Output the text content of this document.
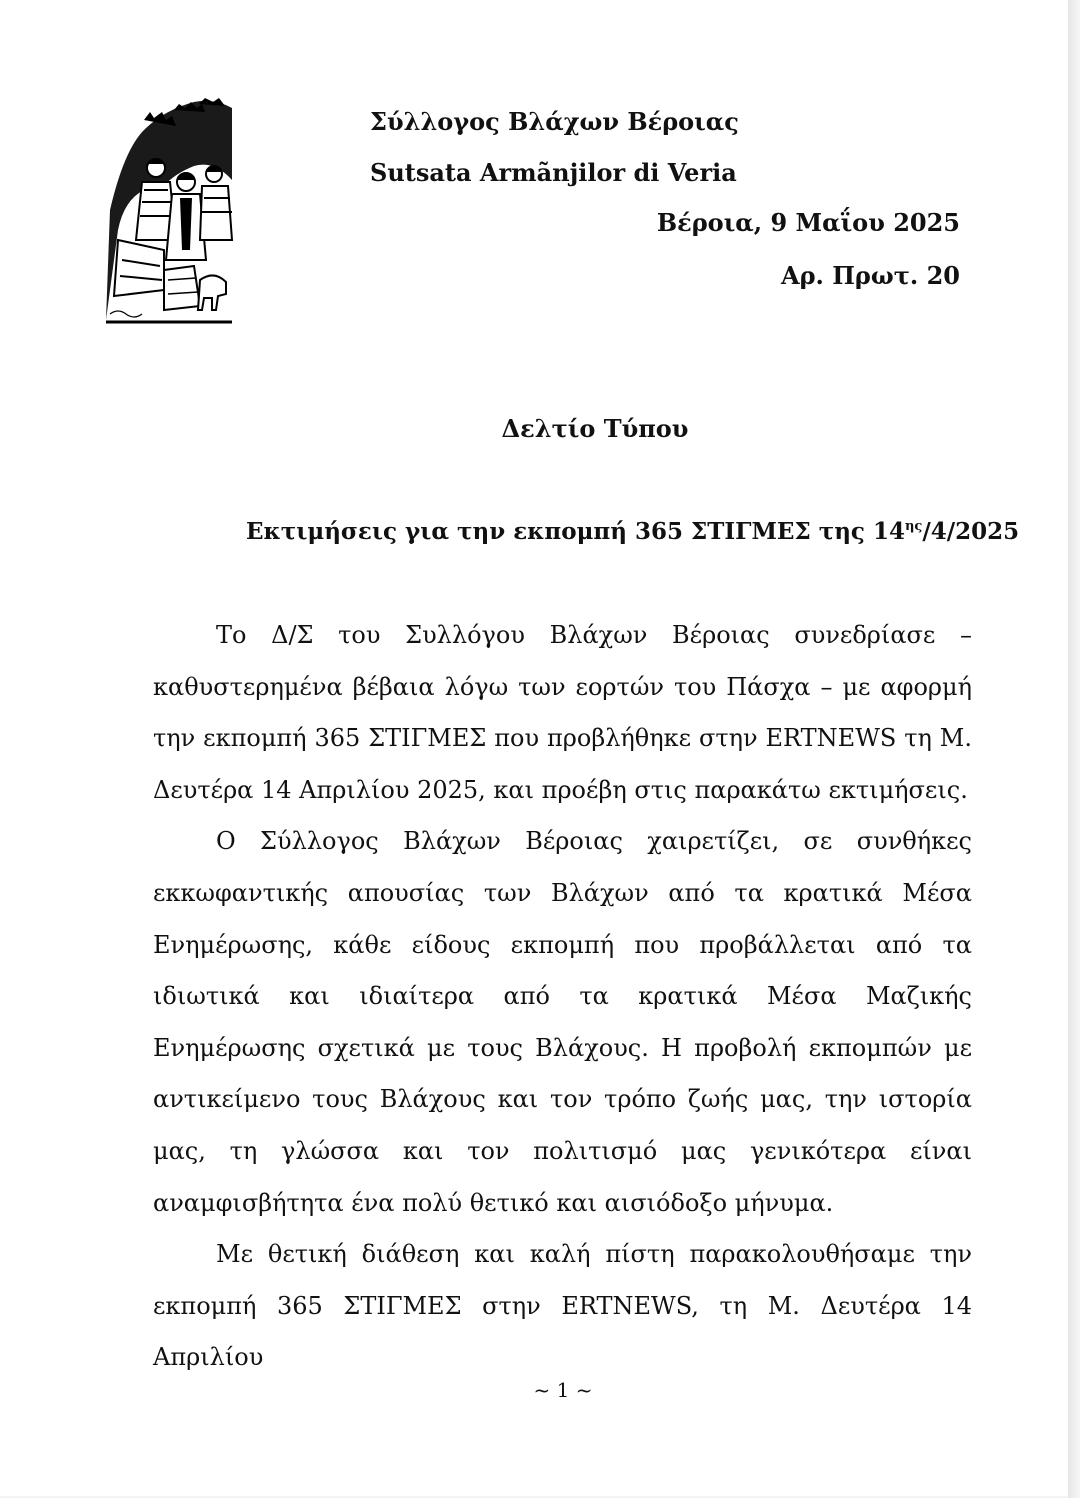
Σύλλογος Βλάχων Βέροιας
Sutsata Armãnjilor di Veria
Βέροια, 9 Μαΐου 2025
Αρ. Πρωτ. 20
Δελτίο Τύπου
Εκτιμήσεις για την εκπομπή 365 ΣΤΙΓΜΕΣ της $14^{\eta\varsigma}/4/2025$

Το Δ/Σ του Συλλόγου Βλάχων Βέροιας συνεδρίασε – καθυστερημένα βέβαια λόγω των εορτών του Πάσχα – με αφορμή την εκπομπή 365 ΣΤΙΓΜΕΣ που προβλήθηκε στην ERTNEWS τη Μ. Δευτέρα 14 Απριλίου 2025, και προέβη στις παρακάτω εκτιμήσεις.

Ο Σύλλογος Βλάχων Βέροιας χαιρετίζει, σε συνθήκες εκκωφαντικής απουσίας των Βλάχων από τα κρατικά Μέσα Ενημέρωσης, κάθε είδους εκπομπή που προβάλλεται από τα ιδιωτικά και ιδιαίτερα από τα κρατικά Μέσα Μαζικής Ενημέρωσης σχετικά με τους Βλάχους. Η προβολή εκπομπών με αντικείμενο τους Βλάχους και τον τρόπο ζωής μας, την ιστορία μας, τη γλώσσα και τον πολιτισμό μας γενικότερα είναι αναμφισβήτητα ένα πολύ θετικό και αισιόδοξο μήνυμα.

Με θετική διάθεση και καλή πίστη παρακολουθήσαμε την εκπομπή 365 ΣΤΙΓΜΕΣ στην ERTNEWS, τη Μ. Δευτέρα 14 Απριλίου

~ 1 ~
